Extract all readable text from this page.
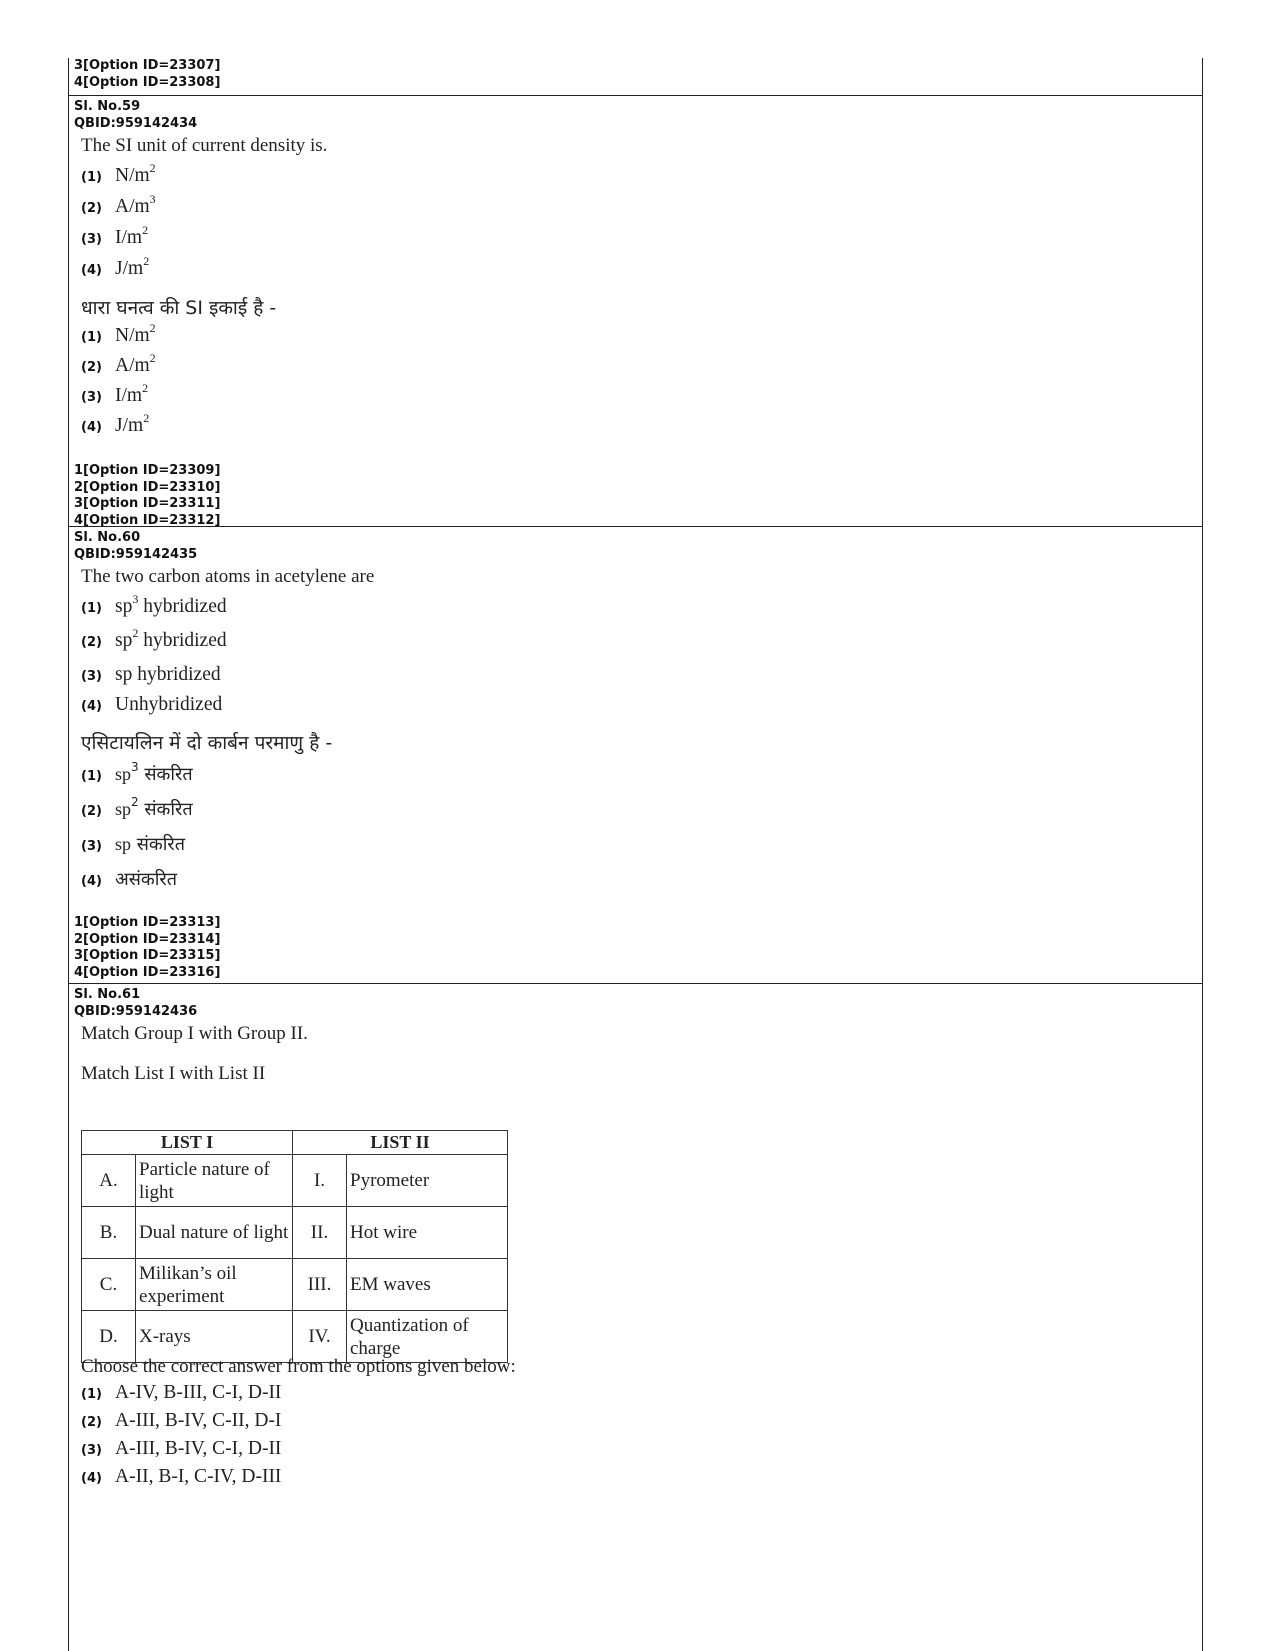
3[Option ID=23307]
4[Option ID=23308]
Sl. No.59
QBID:959142434

The SI unit of current density is.

(1) $N/m^2$
(2) $A/m^3$
(3) $I/m^2$
(4) $J/m^2$

धारा घनत्व की SI इकाई है -

(1) $N/m^2$
(2) $A/m^2$
(3) $I/m^2$
(4) $J/m^2$
1[Option ID=23309]
2[Option ID=23310]
3[Option ID=23311]
4[Option ID=23312]
Sl. No.60
QBID:959142435

The two carbon atoms in acetylene are

(1) $sp^3$ hybridized
(2) $sp^2$ hybridized
(3) sp hybridized
(4) Unhybridized

एसिटायलिन में दो कार्बन परमाणु है -

(1) $sp^3$ संकरित
(2) $sp^2$ संकरित
(3) sp संकरित
(4) असंकरित
1[Option ID=23313]
2[Option ID=23314]
3[Option ID=23315]
4[Option ID=23316]
Sl. No.61
QBID:959142436

Match Group I with Group II.

Match List I with List II

LIST I		LIST II	
A.	Particle nature of light	I.	Pyrometer
B.	Dual nature of light	II.	Hot wire
C.	Milikan’s oil experiment	III.	EM waves
D.	X-rays	IV.	Quantization of charge

Choose the correct answer from the options given below:

(1) A-IV, B-III, C-I, D-II
(2) A-III, B-IV, C-II, D-I
(3) A-III, B-IV, C-I, D-II
(4) A-II, B-I, C-IV, D-III
